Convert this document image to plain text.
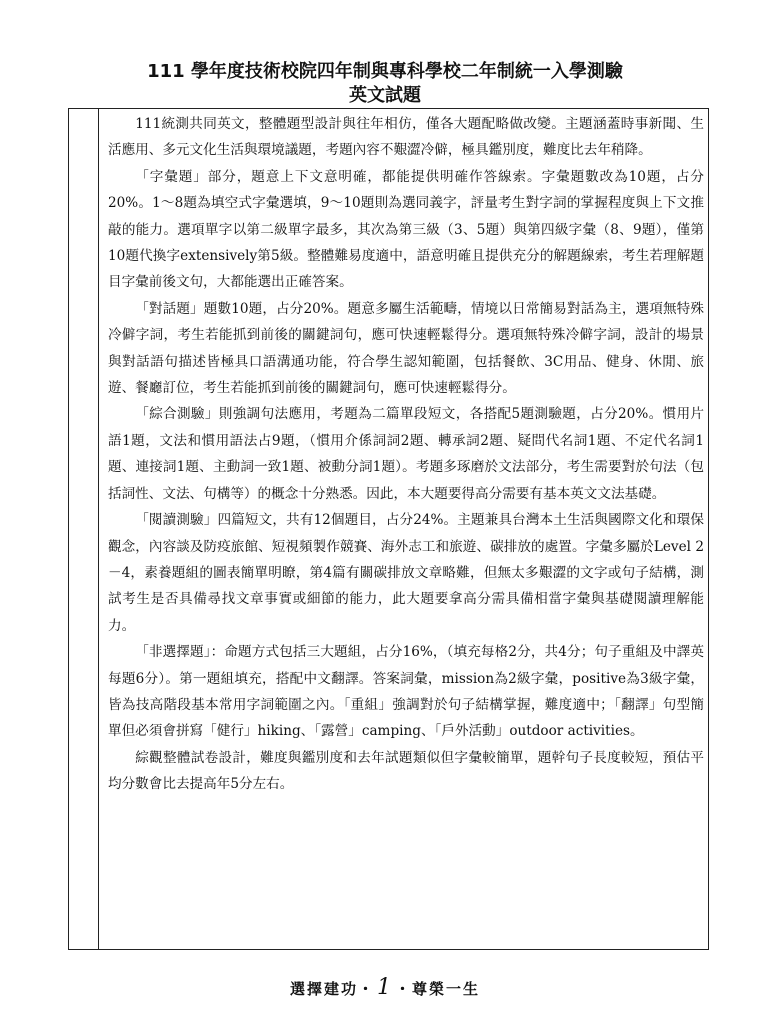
111 學年度技術校院四年制與專科學校二年制統一入學測驗
英文試題

111統測共同英文，整體題型設計與往年相仿，僅各大題配略做改變。主題涵蓋時事新聞、生活應用、多元文化生活與環境議題，考題內容不艱澀冷僻，極具鑑別度，難度比去年稍降。

「字彙題」部分，題意上下文意明確，都能提供明確作答線索。字彙題數改為10題，占分20%。1～8題為填空式字彙選填，9～10題則為選同義字，評量考生對字詞的掌握程度與上下文推敲的能力。選項單字以第二級單字最多，其次為第三級（3、5題）與第四級字彙（8、9題），僅第10題代換字extensively第5級。整體難易度適中，語意明確且提供充分的解題線索，考生若理解題目字彙前後文句，大都能選出正確答案。

「對話題」題數10題，占分20%。題意多屬生活範疇，情境以日常簡易對話為主，選項無特殊冷僻字詞，考生若能抓到前後的關鍵詞句，應可快速輕鬆得分。選項無特殊冷僻字詞，設計的場景與對話語句描述皆極具口語溝通功能，符合學生認知範圍，包括餐飲、3C用品、健身、休閒、旅遊、餐廳訂位，考生若能抓到前後的關鍵詞句，應可快速輕鬆得分。

「綜合測驗」則強調句法應用，考題為二篇單段短文，各搭配5題測驗題，占分20%。慣用片語1題，文法和慣用語法占9題，（慣用介係詞詞2題、轉承詞2題、疑問代名詞1題、不定代名詞1題、連接詞1題、主動詞一致1題、被動分詞1題）。考題多琢磨於文法部分，考生需要對於句法（包括詞性、文法、句構等）的概念十分熟悉。因此，本大題要得高分需要有基本英文文法基礎。

「閱讀測驗」四篇短文，共有12個題目，占分24%。主題兼具台灣本土生活與國際文化和環保觀念，內容談及防疫旅館、短視頻製作競賽、海外志工和旅遊、碳排放的處置。字彙多屬於Level 2－4，素養題組的圖表簡單明瞭，第4篇有關碳排放文章略難，但無太多艱澀的文字或句子結構，測試考生是否具備尋找文章事實或細節的能力，此大題要拿高分需具備相當字彙與基礎閱讀理解能力。

「非選擇題」：命題方式包括三大題組，占分16%，（填充每格2分，共4分；句子重組及中譯英每題6分）。第一題組填充，搭配中文翻譯。答案詞彙，mission為2級字彙，positive為3級字彙，皆為技高階段基本常用字詞範圍之內。「重組」強調對於句子結構掌握，難度適中；「翻譯」句型簡單但必須會拼寫「健行」hiking、「露營」camping、「戶外活動」outdoor activities。

綜觀整體試卷設計，難度與鑑別度和去年試題類似但字彙較簡單，題幹句子長度較短，預估平均分數會比去提高年5分左右。

選擇建功・1 ・尊榮一生
